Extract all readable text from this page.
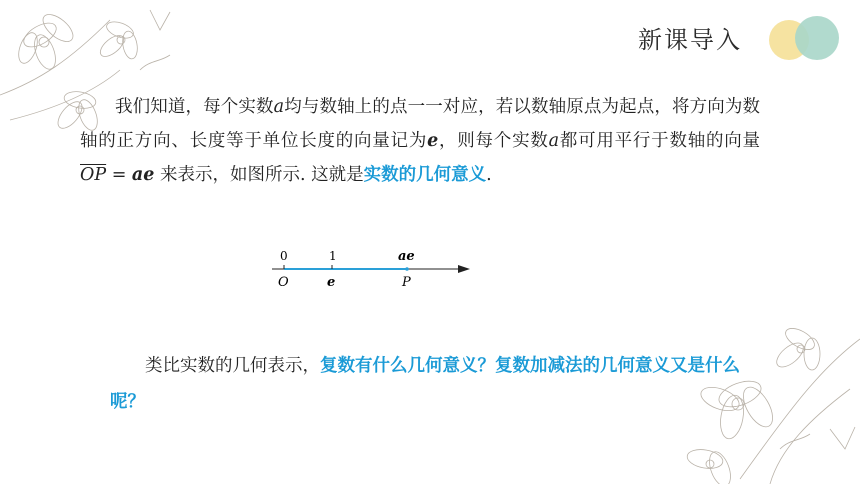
新课导入
我们知道，每个实数a均与数轴上的点一一对应，若以数轴原点为起点，将方向为数轴的正方向、长度等于单位长度的向量记为e，则每个实数a都可用平行于数轴的向量 $\overline{OP}$ = ae 来表示，如图所示. 这就是实数的几何意义.
0
O
1
e
ae
P
类比实数的几何表示，复数有什么几何意义？复数加减法的几何意义又是什么呢？
